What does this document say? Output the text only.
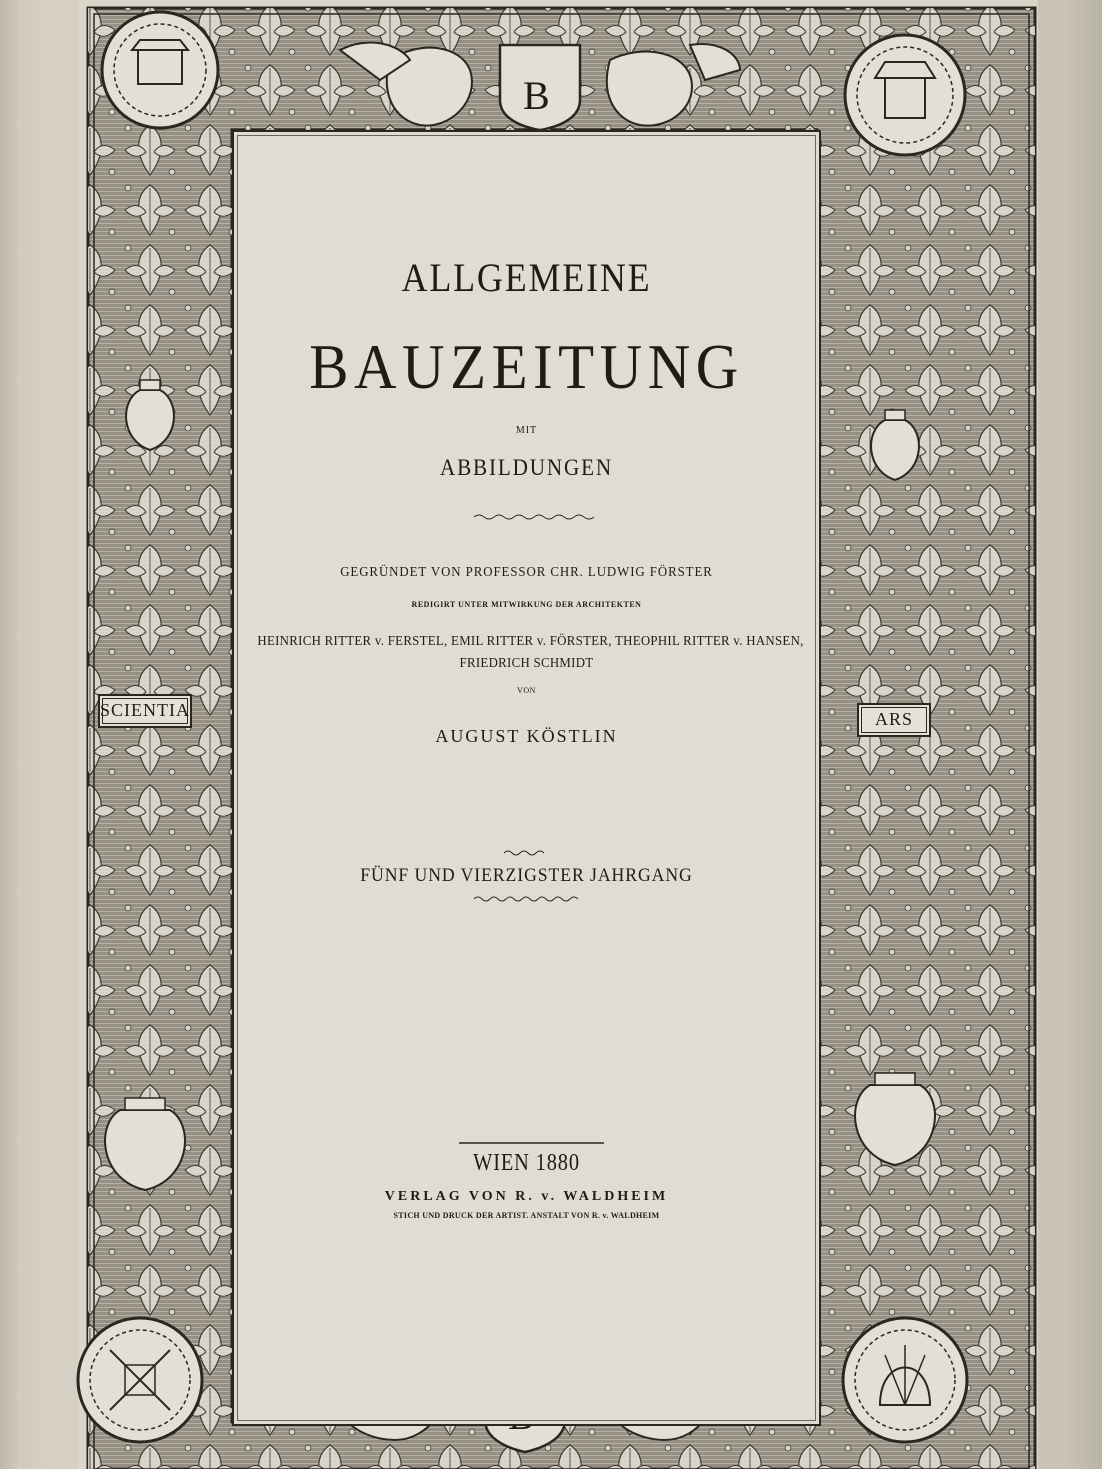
B
SCIENTIA	ARS
ALLGEMEINE
BAUZEITUNG
MIT
ABBILDUNGEN
GEGRÜNDET VON PROFESSOR CHR. LUDWIG FÖRSTER
REDIGIRT UNTER MITWIRKUNG DER ARCHITEKTEN
HEINRICH RITTER v. FERSTEL, EMIL RITTER v. FÖRSTER, THEOPHIL RITTER v. HANSEN,
FRIEDRICH SCHMIDT
VON
AUGUST KÖSTLIN
FÜNF UND VIERZIGSTER JAHRGANG
WIEN 1880
VERLAG VON R. v. WALDHEIM
STICH UND DRUCK DER ARTIST. ANSTALT VON R. v. WALDHEIM
